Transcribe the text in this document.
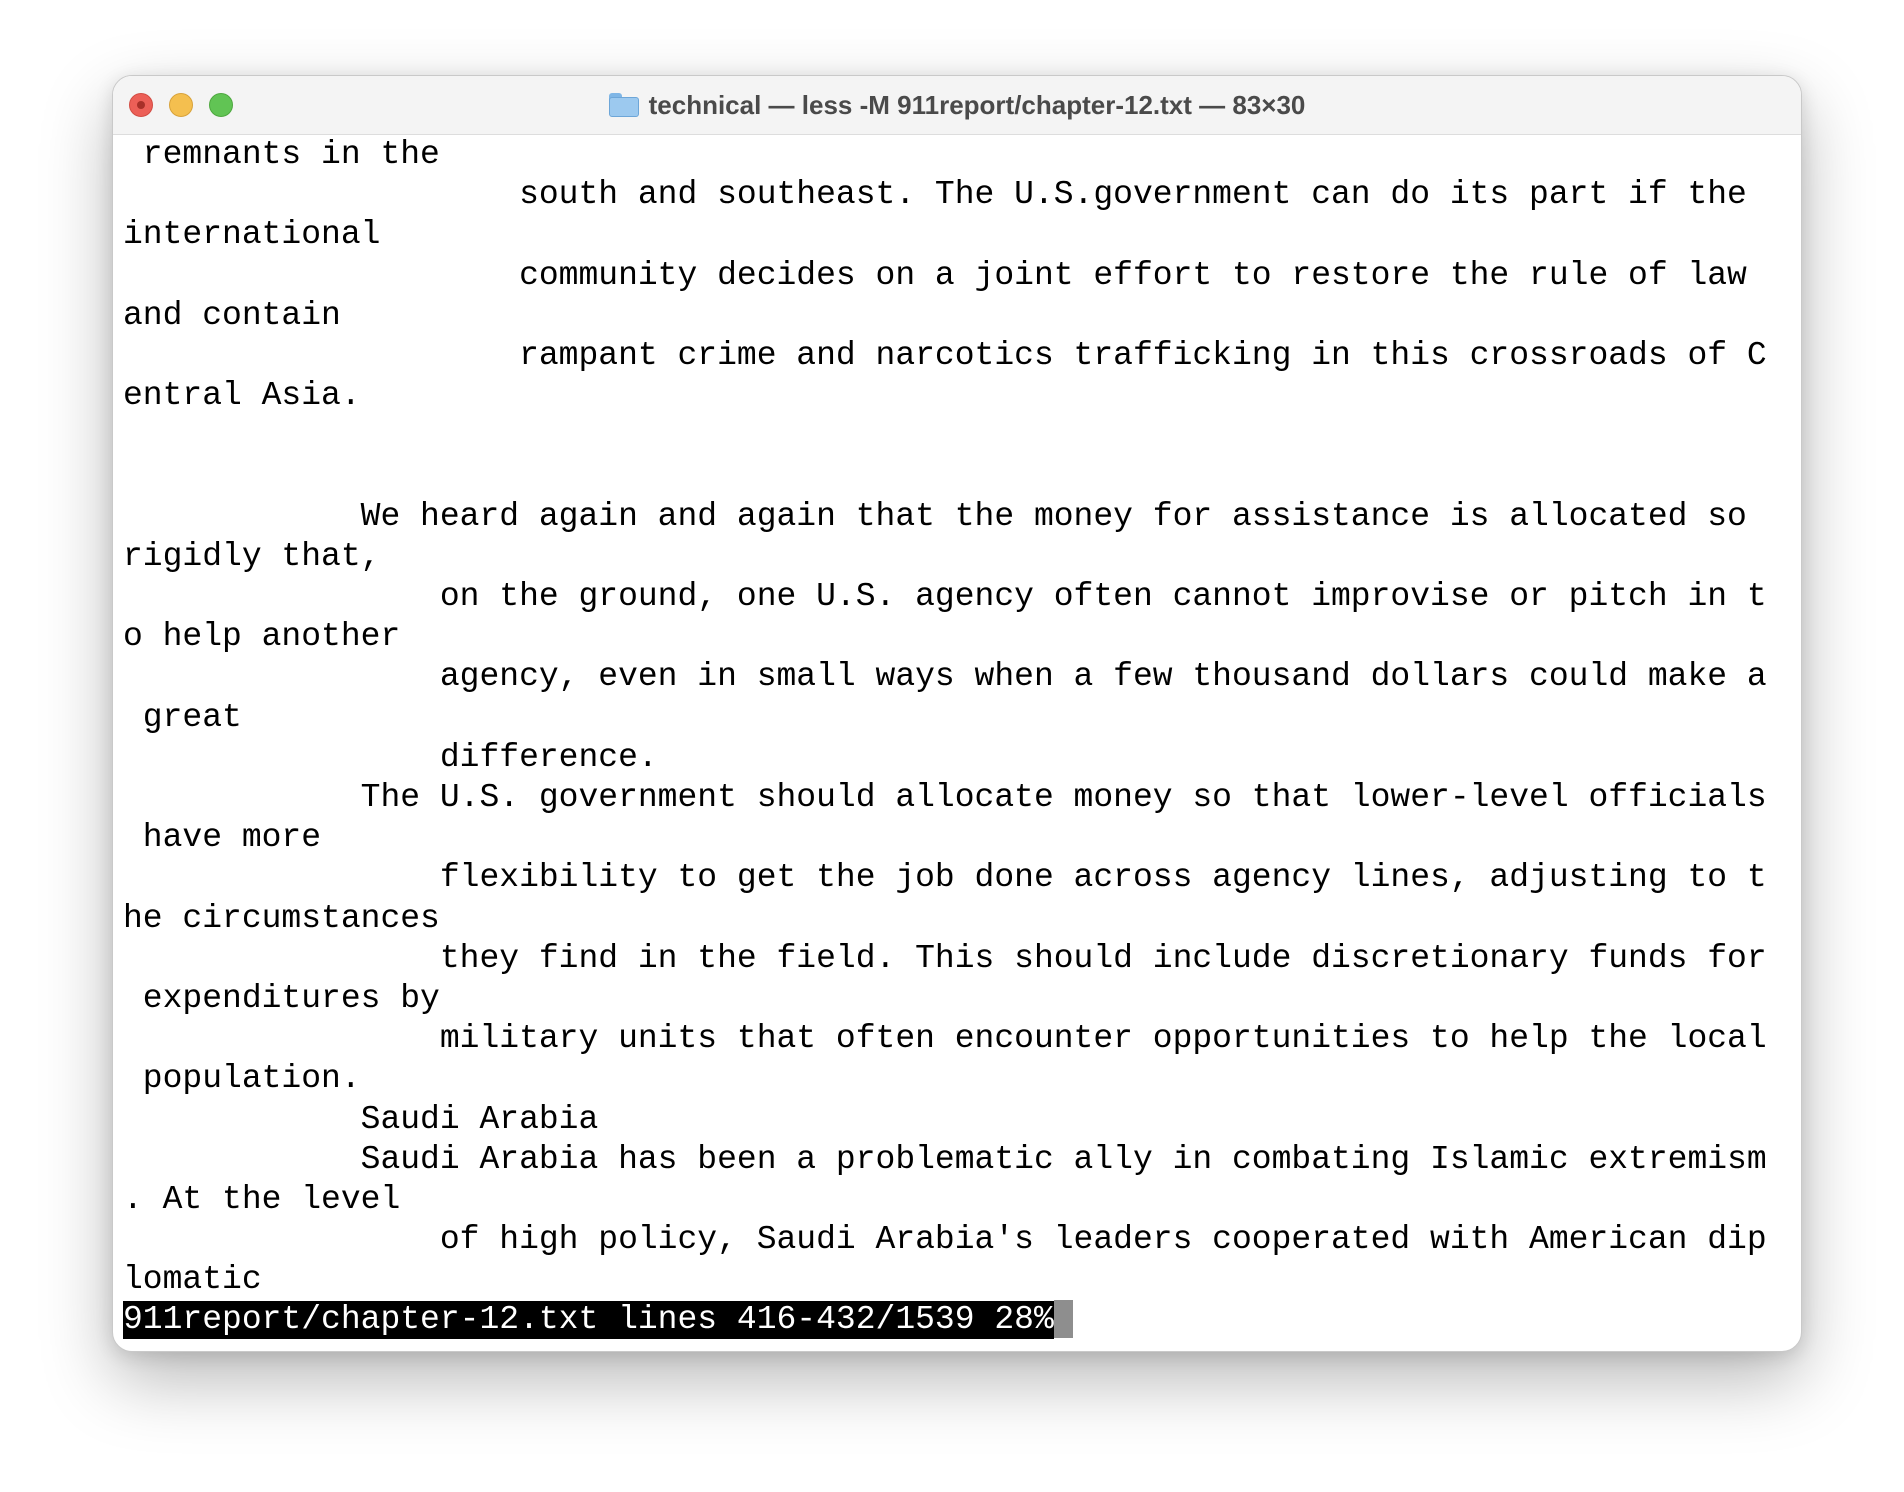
technical — less -M 911report/chapter-12.txt — 83×30
remnants in the
south and southeast. The U.S.government can do its part if the
international
community decides on a joint effort to restore the rule of law
and contain
rampant crime and narcotics trafficking in this crossroads of C
entral Asia.
We heard again and again that the money for assistance is allocated so
rigidly that,
on the ground, one U.S. agency often cannot improvise or pitch in t
o help another
agency, even in small ways when a few thousand dollars could make a
great
difference.
The U.S. government should allocate money so that lower-level officials
have more
flexibility to get the job done across agency lines, adjusting to t
he circumstances
they find in the field. This should include discretionary funds for
expenditures by
military units that often encounter opportunities to help the local
population.
Saudi Arabia
Saudi Arabia has been a problematic ally in combating Islamic extremism
. At the level
of high policy, Saudi Arabia's leaders cooperated with American dip
lomatic
911report/chapter-12.txt lines 416-432/1539 28%
